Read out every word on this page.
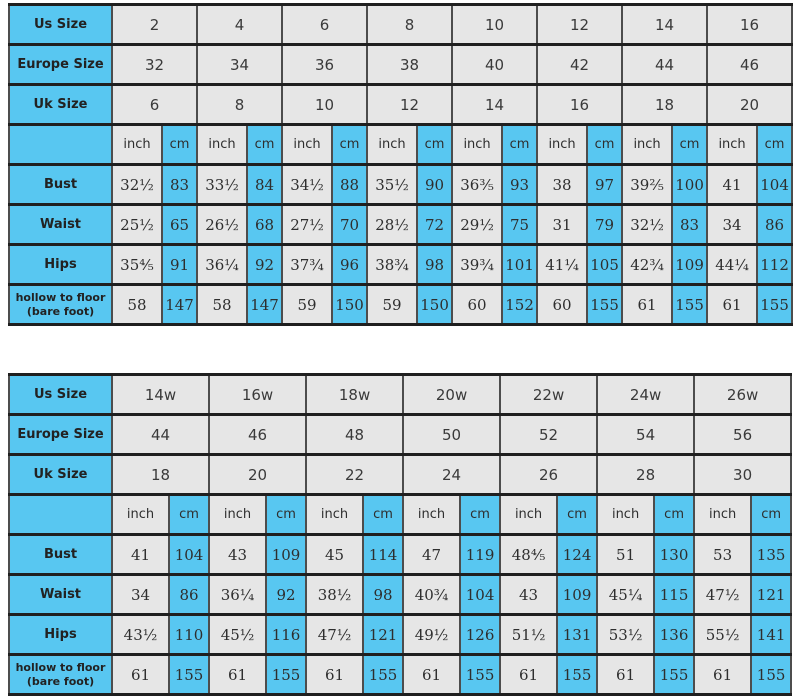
Us Size	2		4		6		8		10		12		14		16	
Europe Size	32		34		36		38		40		42		44		46	
Uk Size	6		8		10		12		14		16		18		20	
	inch	cm	inch	cm	inch	cm	inch	cm	inch	cm	inch	cm	inch	cm	inch	cm

Bust	32½	83	33½	84	34½	88	35½	90	36⅗	93	38	97	39⅖	100	41	104

Waist	25½	65	26½	68	27½	70	28½	72	29½	75	31	79	32½	83	34	86

Hips	35⅘	91	36¼	92	37¾	96	38¾	98	39¾	101	41¼	105	42¾	109	44¼	112

hollow to floor
(bare foot)	58	147	58	147	59	150	59	150	60	152	60	155	61	155	61	155
Us Size	14w		16w		18w		20w		22w		24w		26w	
Europe Size	44		46		48		50		52		54		56	
Uk Size	18		20		22		24		26		28		30	
	inch	cm	inch	cm	inch	cm	inch	cm	inch	cm	inch	cm	inch	cm

Bust	41	104	43	109	45	114	47	119	48⅘	124	51	130	53	135

Waist	34	86	36¼	92	38½	98	40¾	104	43	109	45¼	115	47½	121

Hips	43½	110	45½	116	47½	121	49½	126	51½	131	53½	136	55½	141

hollow to floor
(bare foot)	61	155	61	155	61	155	61	155	61	155	61	155	61	155
